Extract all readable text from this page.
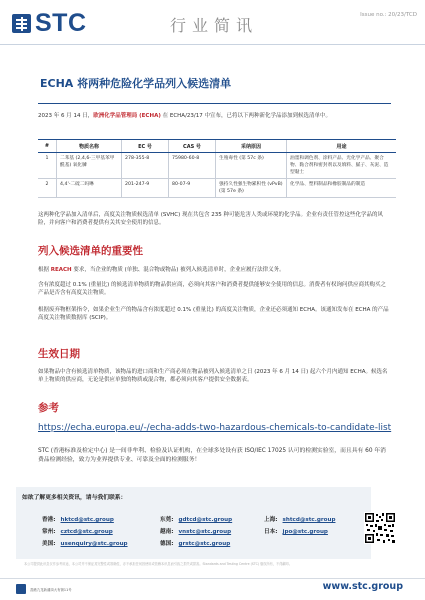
STC	行业简讯
Issue no.: 20/23/TCD
ECHA 将两种危险化学品列入候选清单
2023 年 6 月 14 日，欧洲化学品管理局 (ECHA) 在 ECHA/23/17 中宣布，已将以下两种新化学品添加到候选清单中。
#	物质名称	EC 号	CAS 号	采纳原因	用途
1	二苯基 (2,4,6-三甲基苯甲酰基) 氧化膦	278-355-8	75980-60-8	生殖毒性 (第 57c 条)	油墨和调色剂、涂料产品、光化学产品、聚合物、黏合剂和密封剂以及填料、腻子、灰泥、造型黏土
2	4,4'-二硫二吗啉	201-247-9	80-07-9	强持久性强生物累积性 (vPvB) (第 57e 条)	化学品、塑料制品和橡胶制品的制造
这两种化学品加入清单后，高度关注物质候选清单 (SVHC) 现在共包含 235 种可能危害人类或环境的化学品。企业有责任管控这些化学品的风险，并向客户和消费者提供有关其安全使用的信息。
列入候选清单的重要性
根据 REACH 要求，当企业的物质 (单独、混合物或物品) 被列入候选清单时，企业应履行法律义务。
含有浓度超过 0.1% (重量比) 的候选清单物质的物品供应商，必须向其客户和消费者提供能够安全使用的信息。消费者有权询问供应商其购买之产品是否含有高度关注物质。
根据废弃物框架指令，如果企业生产的物品含有浓度超过 0.1% (重量比) 的高度关注物质，企业还必须通知 ECHA。该通知发布在 ECHA 的产品高度关注物质数据库 (SCIP)。
生效日期
如果物品中含有候选清单物质，该物品的进口商和生产商必须在物品被列入候选清单之日 (2023 年 6 月 14 日) 起六个月内通知 ECHA。候选名单上物质的供应商，无论是供应单独的物质或混合物，都必须向其客户提供安全数据表。
参考
https://echa.europa.eu/-/echa-adds-two-hazardous-chemicals-to-candidate-list
STC (香港标准及检定中心) 是一间非牟利、检验及认证机构，在全球多处设有获 ISO/IEC 17025 认可的检测实验室，而且具有 60 年消费品检测经验，致力为业界提供专业、可靠及全面的检测服务！
如欲了解更多相关资讯，请与我们联系：
香港: hktcd@stc.group	东莞: gdtcd@stc.group	上海: shtcd@stc.group
常州: cztcd@stc.group	越南: vnstc@stc.group	日本: jpo@stc.group
美国: usenquiry@stc.group	德国: grstc@stc.group
本公司提供此讯息仅作参考用途，本公司并不保证其完整性或准确性，亦不承担任何因使用或依赖本讯息而引致之损失或损害。Standards and Testing Centre (STC) 版权所有，不得翻印。
香港九龙新蒲岗大有街11号	www.stc.group
